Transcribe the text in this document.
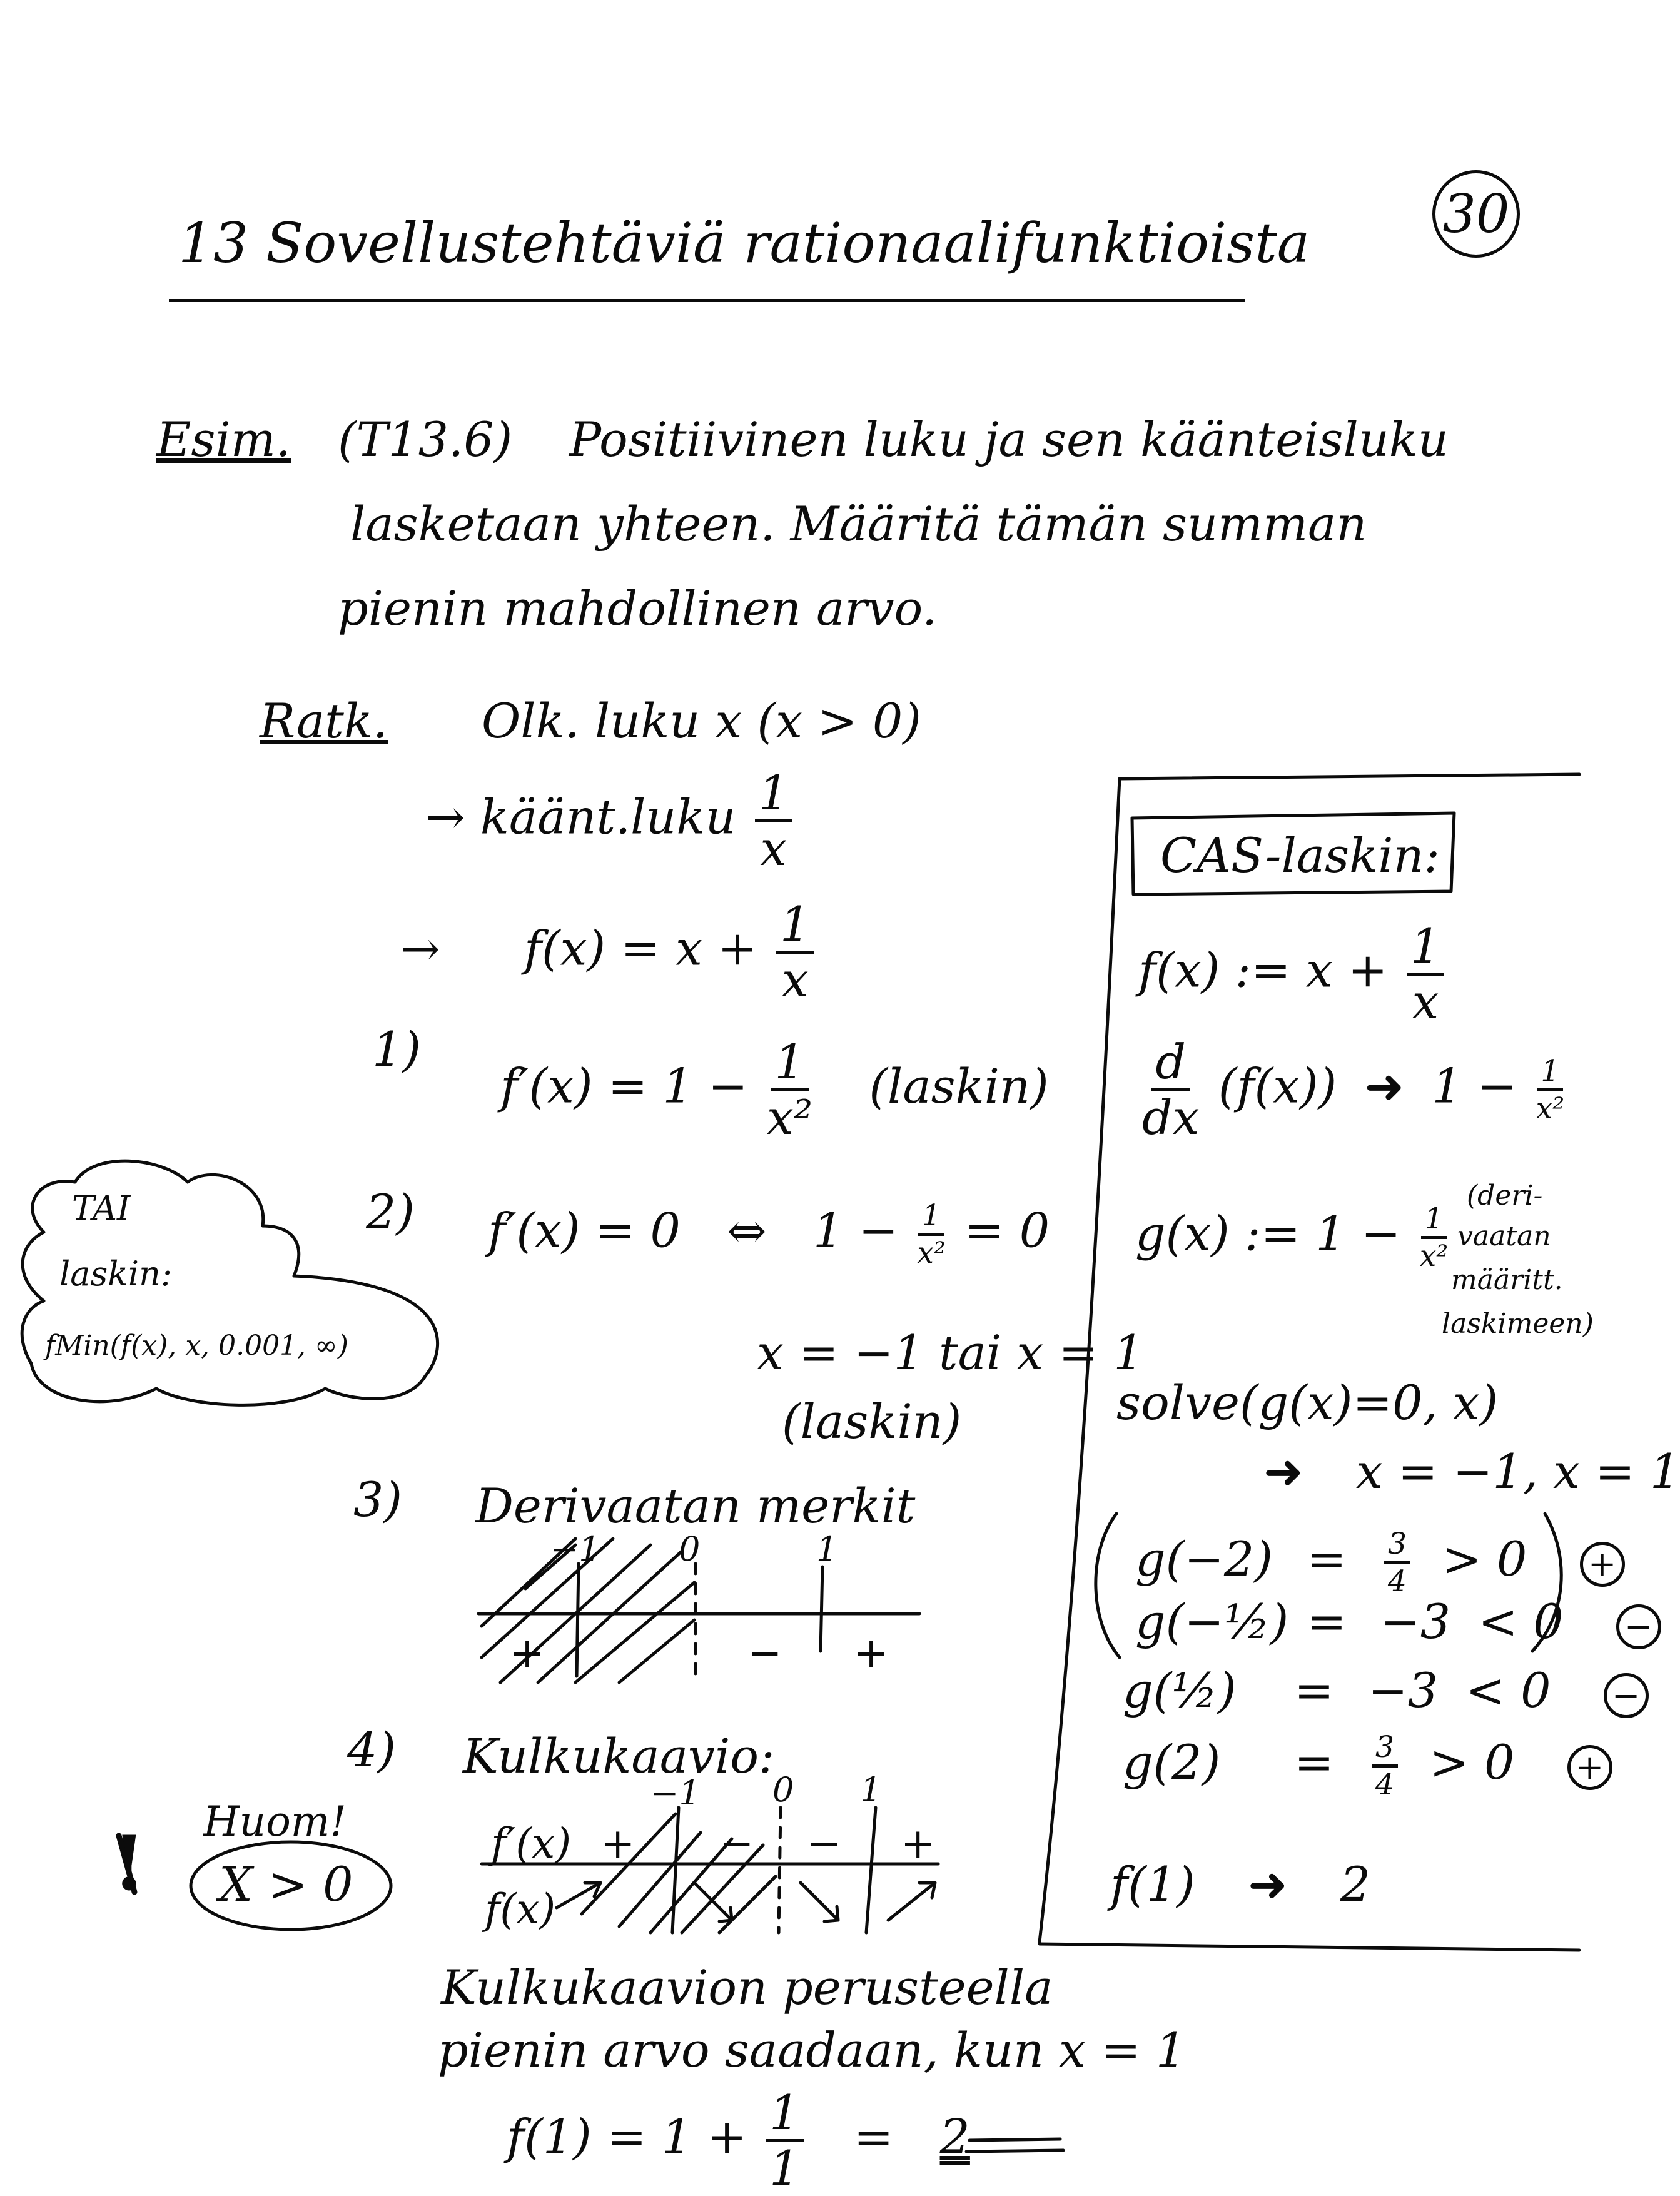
30
13 Sovellustehtäviä rationaalifunktioista
Esim. (T13.6) Positiivinen luku ja sen käänteisluku
lasketaan yhteen. Määritä tämän summan
pienin mahdollinen arvo.
Ratk. Olk. luku x (x > 0)
→ käänt.luku $\frac{1}{x}$
→ $f(x) = x + \frac{1}{x}$
1)
$f'(x) = 1 - \frac{1}{\text{x²}}$ (laskin)
2) f′(x) = 0 ⇔ $1 - \frac{1}{\text{x²}} = 0$
x = −1 tai x = 1
(laskin)
3) Derivaatan merkit
−1 0	1
+	− +
4) Kulkukaavio:
−1 0 1
f′(x) + − − +
f(x)
Kulkukaavion perusteella
pienin arvo saadaan, kun x = 1
$f(1) = 1 + \frac{1}{1} = 2$
TAI
laskin:
fMin(f(x), x, 0.001, ∞)
! Huom!
X > 0
CAS-laskin:
f(x) := $x + \frac{1}{x}$
$\frac{d}{dx} (f(x))$ ➜ $1 - \frac{1}{\text{x²}}$
g(x) := $1 - \frac{1}{\text{x²}}$
(deri-
vaatan
määritt.
laskimeen)
solve(g(x)=0, x)
➜ x = −1, x = 1
$g(-2) = \frac{3}{4} > 0$ +
g(−½) = −3 < 0 −
g(½) = −3 < 0 −
$g(2) = \frac{3}{4} > 0$ +
f(1) ➜ 2
